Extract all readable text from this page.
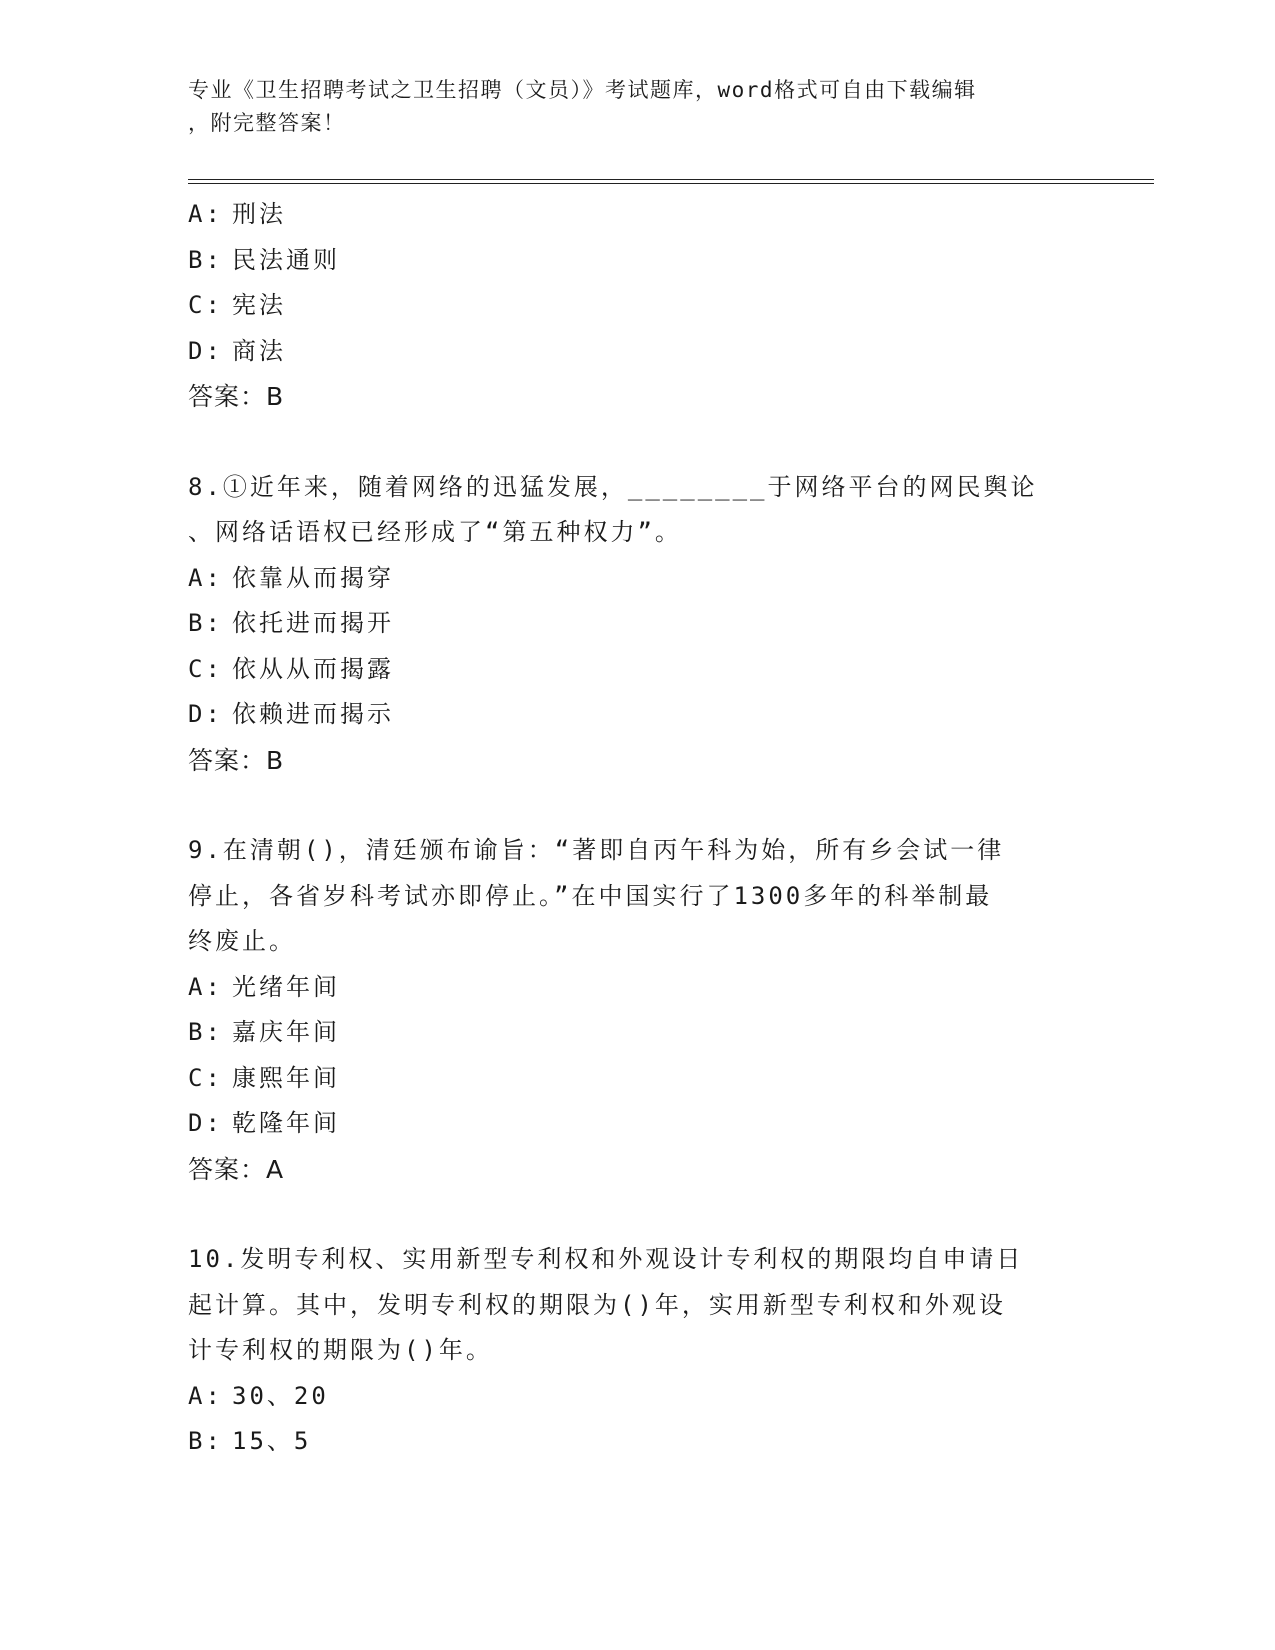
专业《卫生招聘考试之卫生招聘（文员）》考试题库，word格式可自由下载编辑
，附完整答案！
A: 刑法
B: 民法通则
C: 宪法
D: 商法
答案：B
8.①近年来，随着网络的迅猛发展，________于网络平台的网民舆论
、网络话语权已经形成了“第五种权力”。
A: 依靠从而揭穿
B: 依托进而揭开
C: 依从从而揭露
D: 依赖进而揭示
答案：B
9.在清朝()，清廷颁布谕旨：“著即自丙午科为始，所有乡会试一律
停止，各省岁科考试亦即停止。”在中国实行了1300多年的科举制最
终废止。
A: 光绪年间
B: 嘉庆年间
C: 康熙年间
D: 乾隆年间
答案：A
10.发明专利权、实用新型专利权和外观设计专利权的期限均自申请日
起计算。其中，发明专利权的期限为()年，实用新型专利权和外观设
计专利权的期限为()年。
A: 30、20
B: 15、5
